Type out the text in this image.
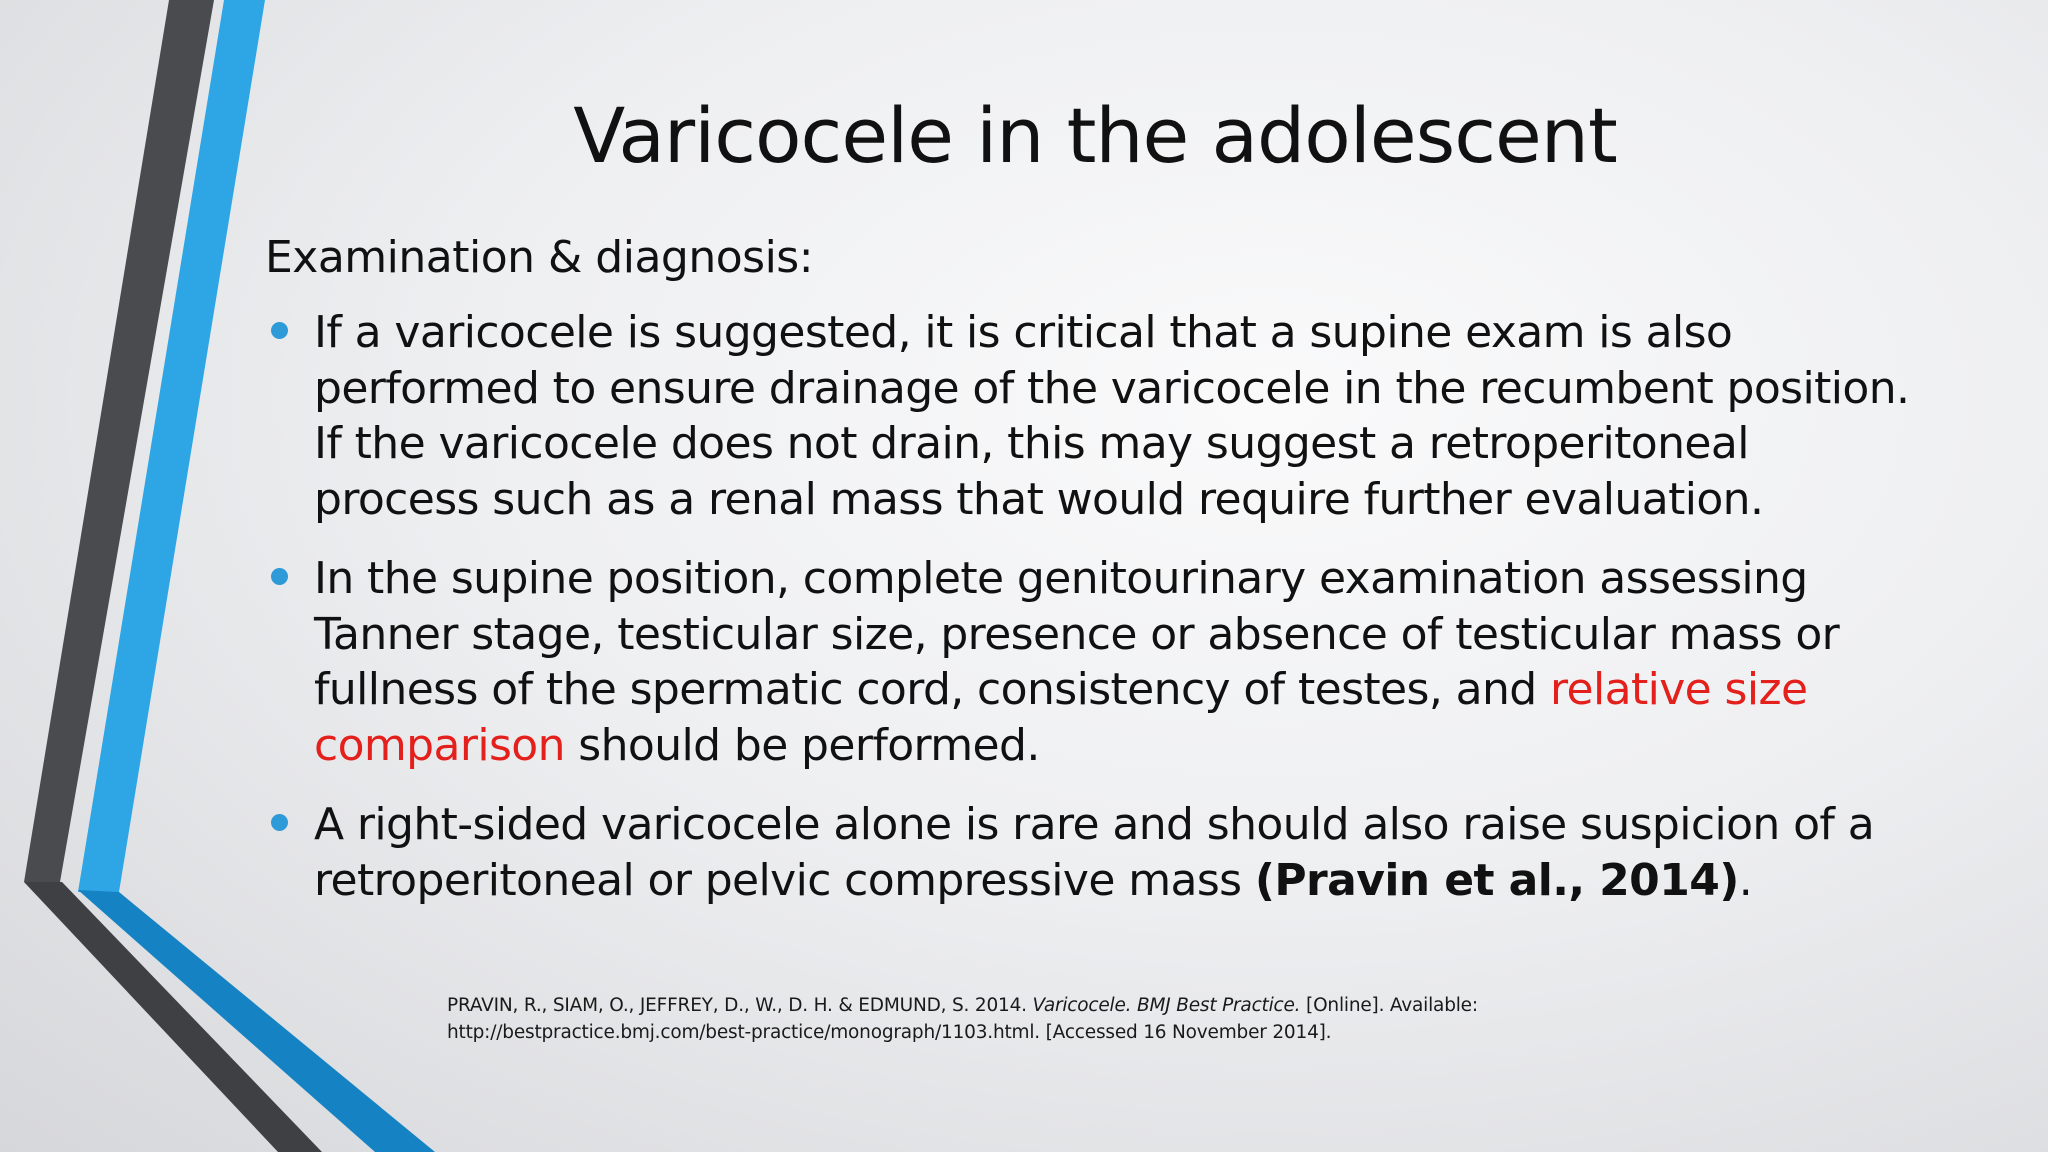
Varicocele in the adolescent
Examination & diagnosis:
If a varicocele is suggested, it is critical that a supine exam is also performed to ensure drainage of the varicocele in the recumbent position. If the varicocele does not drain, this may suggest a retroperitoneal process such as a renal mass that would require further evaluation.
In the supine position, complete genitourinary examination assessing Tanner stage, testicular size, presence or absence of testicular mass or fullness of the spermatic cord, consistency of testes, and relative size comparison should be performed.
A right-sided varicocele alone is rare and should also raise suspicion of a retroperitoneal or pelvic compressive mass (Pravin et al., 2014).
PRAVIN, R., SIAM, O., JEFFREY, D., W., D. H. & EDMUND, S. 2014. Varicocele. BMJ Best Practice. [Online]. Available:
http://bestpractice.bmj.com/best-practice/monograph/1103.html. [Accessed 16 November 2014].
